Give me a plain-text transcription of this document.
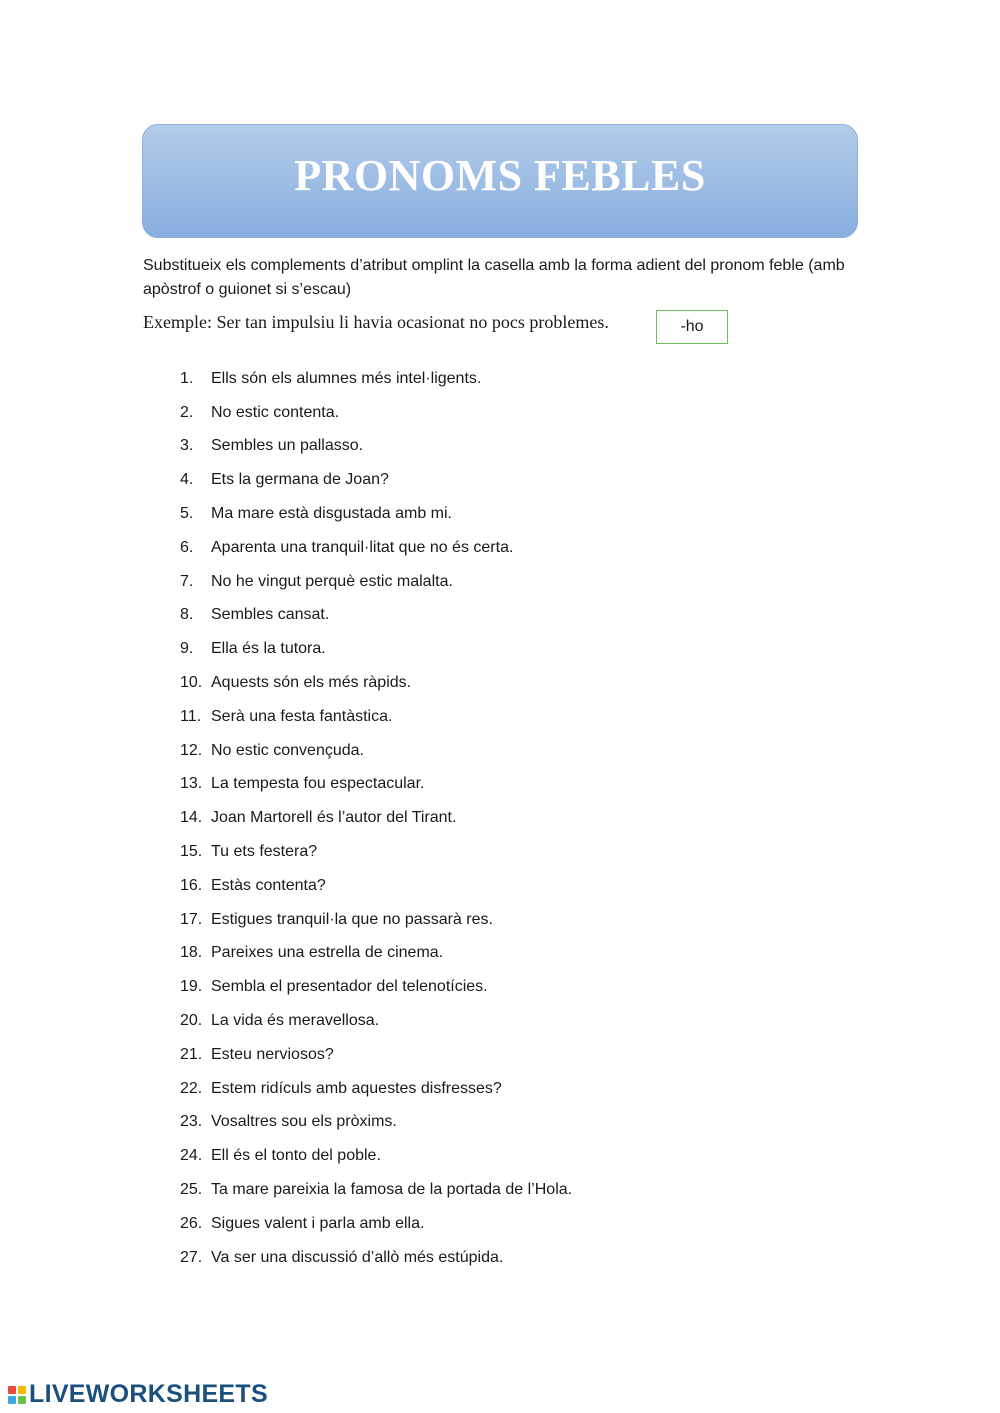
PRONOMS FEBLES
Substitueix els complements d’atribut omplint la casella amb la forma adient del pronom feble (amb apòstrof o guionet si s’escau)
Exemple: Ser tan impulsiu li havia ocasionat no pocs problemes.	-ho
1.	Ells són els alumnes més intel·ligents.
2.	No estic contenta.
3.	Sembles un pallasso.
4.	Ets la germana de Joan?
5.	Ma mare està disgustada amb mi.
6.	Aparenta una tranquil·litat que no és certa.
7.	No he vingut perquè estic malalta.
8.	Sembles cansat.
9.	Ella és la tutora.
10. Aquests són els més ràpids.
11. Serà una festa fantàstica.
12. No estic convençuda.
13. La tempesta fou espectacular.
14. Joan Martorell és l’autor del Tirant.
15. Tu ets festera?
16. Estàs contenta?
17. Estigues tranquil·la que no passarà res.
18. Pareixes una estrella de cinema.
19. Sembla el presentador del telenotícies.
20. La vida és meravellosa.
21. Esteu nerviosos?
22. Estem ridículs amb aquestes disfresses?
23. Vosaltres sou els pròxims.
24. Ell és el tonto del poble.
25. Ta mare pareixia la famosa de la portada de l’Hola.
26. Sigues valent i parla amb ella.
27. Va ser una discussió d’allò més estúpida.
LIVEWORKSHEETS
